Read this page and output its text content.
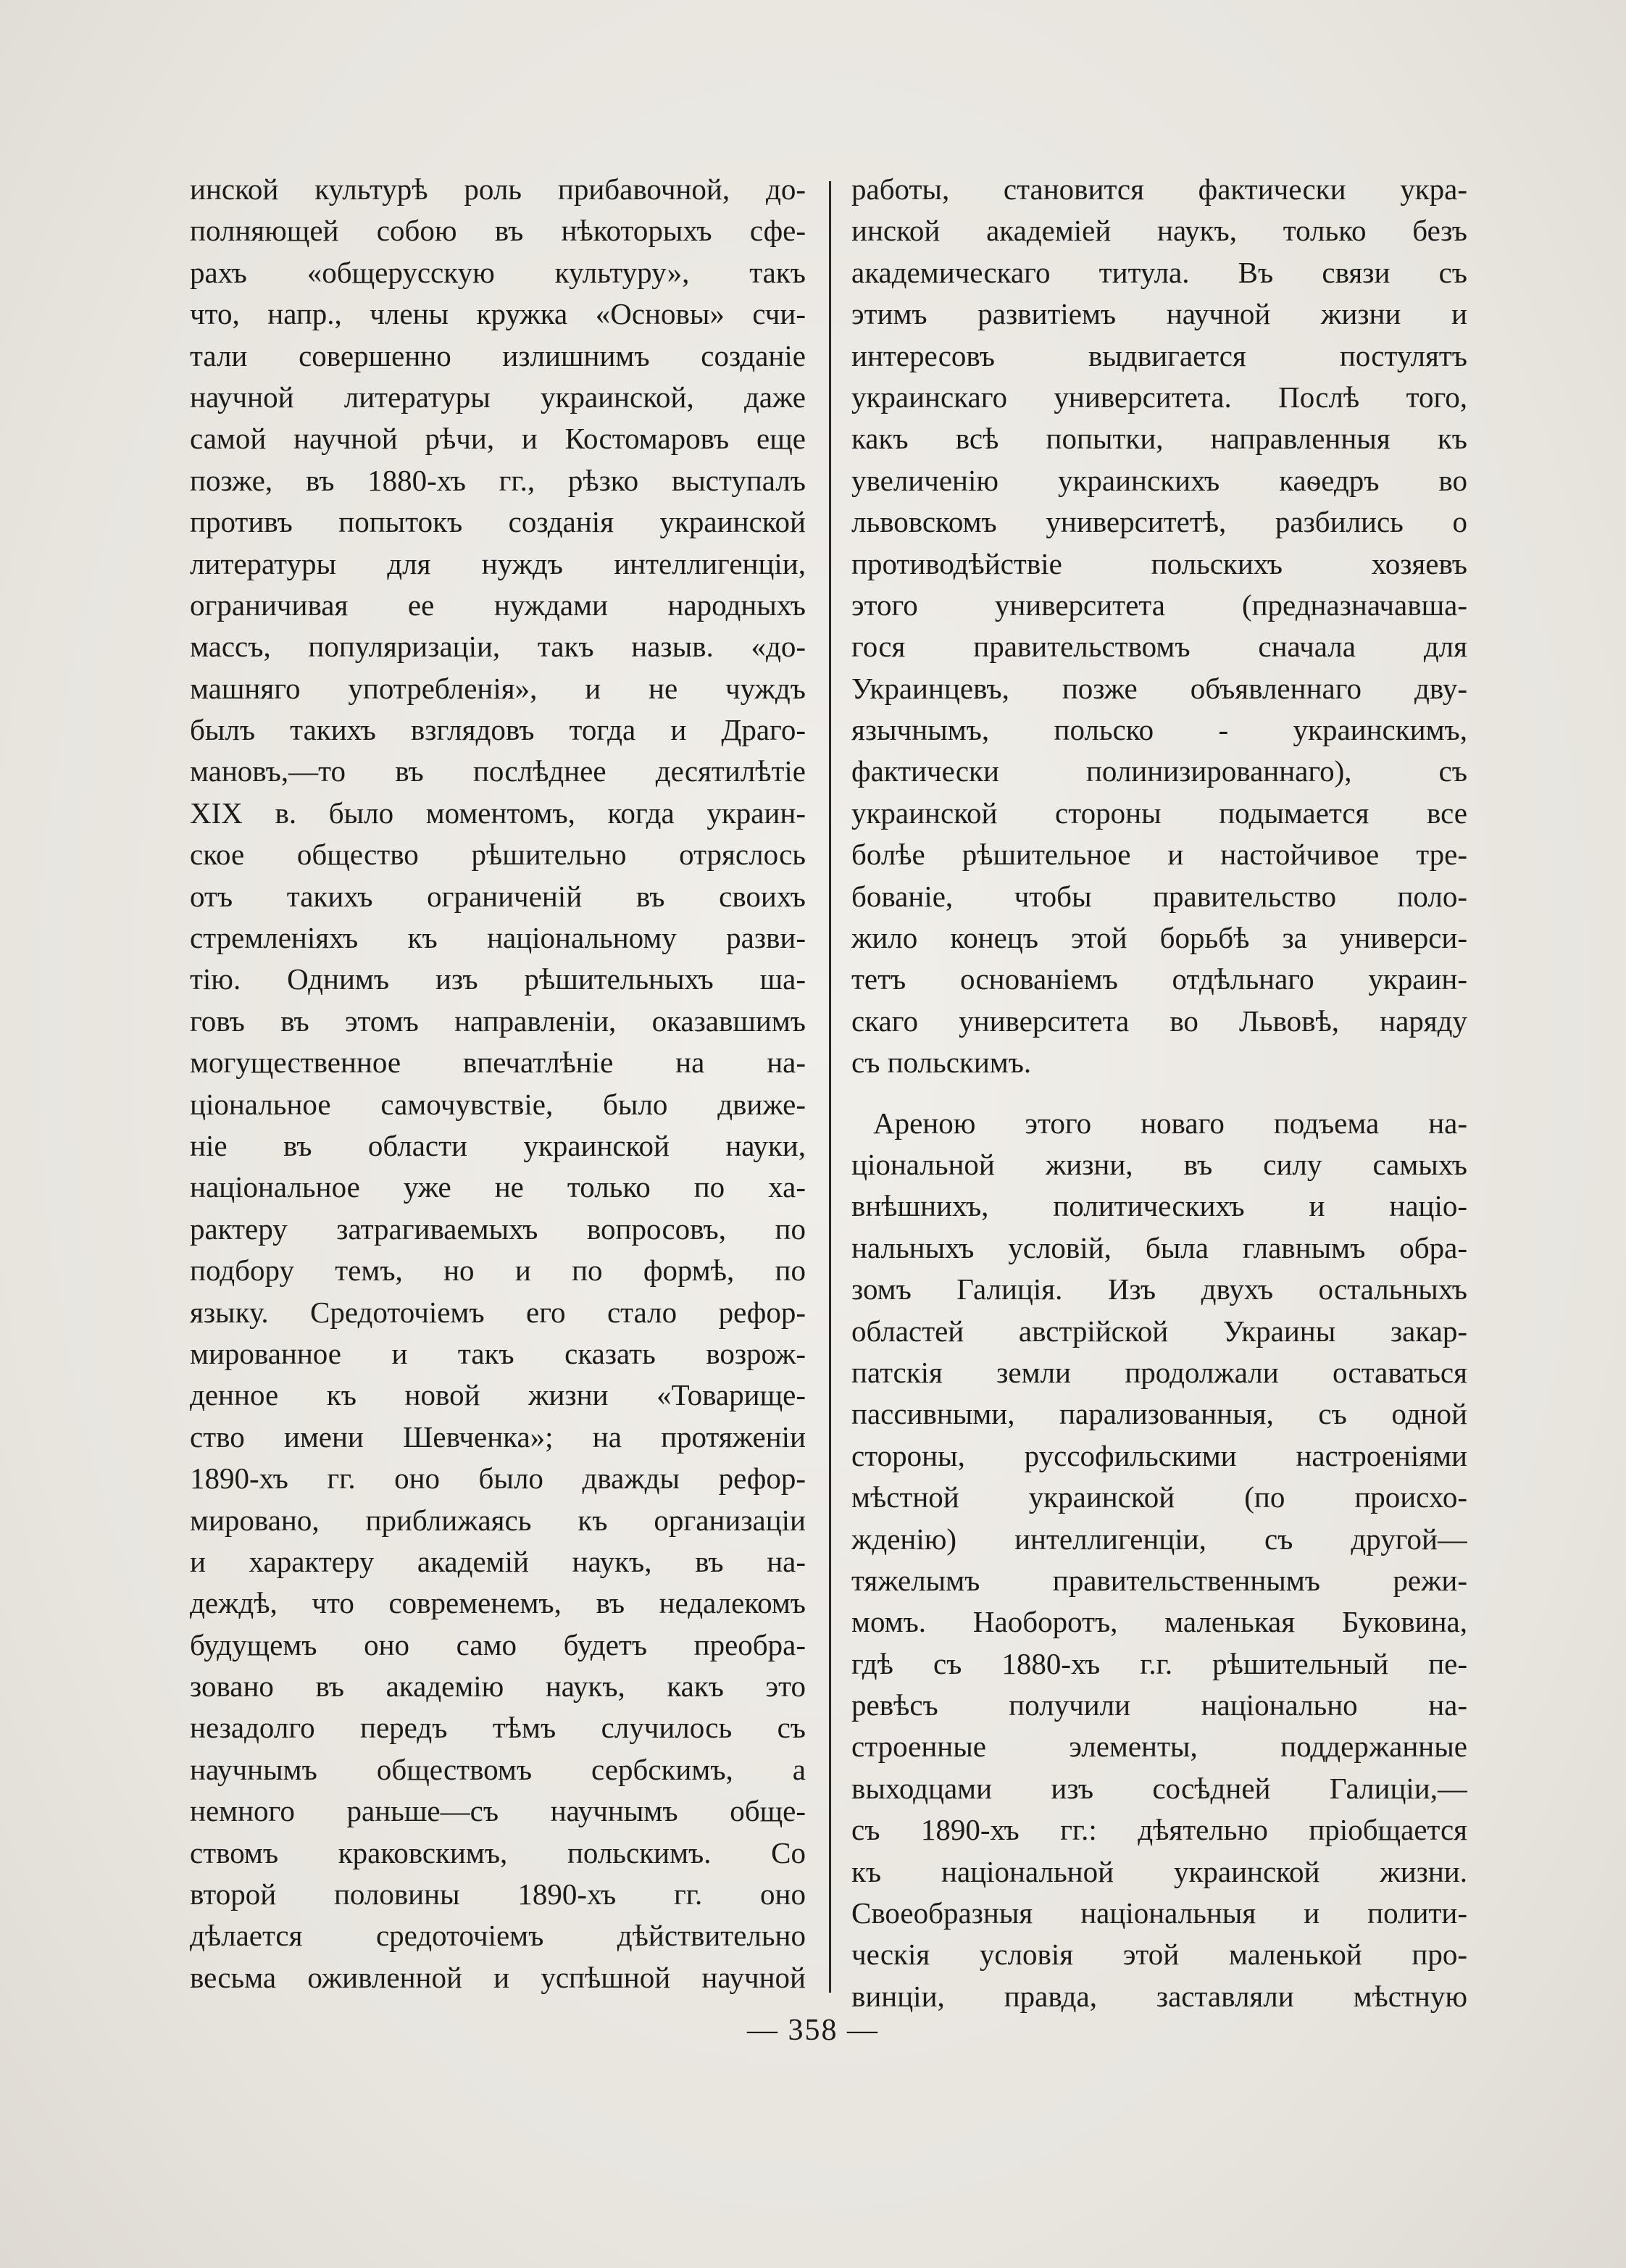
инской культурѣ роль прибавочной, до-
полняющей собою въ нѣкоторыхъ сфе-
рахъ «общерусскую культуру», такъ
что, напр., члены кружка «Основы» счи-
тали совершенно излишнимъ созданіе
научной литературы украинской, даже
самой научной рѣчи, и Костомаровъ еще
позже, въ 1880-хъ гг., рѣзко выступалъ
противъ попытокъ созданія украинской
литературы для нуждъ интеллигенціи,
ограничивая ее нуждами народныхъ
массъ, популяризаціи, такъ назыв. «до-
машняго употребленія», и не чуждъ
былъ такихъ взглядовъ тогда и Драго-
мановъ,—то въ послѣднее десятилѣтіе
XIX в. было моментомъ, когда украин-
ское общество рѣшительно отряслось
отъ такихъ ограниченій въ своихъ
стремленіяхъ къ національному разви-
тію. Однимъ изъ рѣшительныхъ ша-
говъ въ этомъ направленіи, оказавшимъ
могущественное впечатлѣніе на на-
ціональное самочувствіе, было движе-
ніе въ области украинской науки,
національное уже не только по ха-
рактеру затрагиваемыхъ вопросовъ, по
подбору темъ, но и по формѣ, по
языку. Средоточіемъ его стало рефор-
мированное и такъ сказать возрож-
денное къ новой жизни «Товарище-
ство имени Шевченка»; на протяженіи
1890-хъ гг. оно было дважды рефор-
мировано, приближаясь къ организаціи
и характеру академій наукъ, въ на-
деждѣ, что современемъ, въ недалекомъ
будущемъ оно само будетъ преобра-
зовано въ академію наукъ, какъ это
незадолго передъ тѣмъ случилось съ
научнымъ обществомъ сербскимъ, а
немного раньше—съ научнымъ обще-
ствомъ краковскимъ, польскимъ. Со
второй половины 1890-хъ гг. оно
дѣлается средоточіемъ дѣйствительно
весьма оживленной и успѣшной научной
работы, становится фактически укра-
инской академіей наукъ, только безъ
академическаго титула. Въ связи съ
этимъ развитіемъ научной жизни и
интересовъ выдвигается постулятъ
украинскаго университета. Послѣ того,
какъ всѣ попытки, направленныя къ
увеличенію украинскихъ каѳедръ во
львовскомъ университетѣ, разбились о
противодѣйствіе польскихъ хозяевъ
этого университета (предназначавша-
гося правительствомъ сначала для
Украинцевъ, позже объявленнаго дву-
язычнымъ, польско - украинскимъ,
фактически полинизированнаго), съ
украинской стороны подымается все
болѣе рѣшительное и настойчивое тре-
бованіе, чтобы правительство поло-
жило конецъ этой борьбѣ за универси-
тетъ основаніемъ отдѣльнаго украин-
скаго университета во Львовѣ, наряду
съ польскимъ.
Ареною этого новаго подъема на-
ціональной жизни, въ силу самыхъ
внѣшнихъ, политическихъ и націо-
нальныхъ условій, была главнымъ обра-
зомъ Галиція. Изъ двухъ остальныхъ
областей австрійской Украины закар-
патскія земли продолжали оставаться
пассивными, парализованныя, съ одной
стороны, руссофильскими настроеніями
мѣстной украинской (по происхо-
жденію) интеллигенціи, съ другой—
тяжелымъ правительственнымъ режи-
момъ. Наоборотъ, маленькая Буковина,
гдѣ съ 1880-хъ г.г. рѣшительный пе-
ревѣсъ получили національно на-
строенные элементы, поддержанные
выходцами изъ сосѣдней Галиціи,—
съ 1890-хъ гг.: дѣятельно пріобщается
къ національной украинской жизни.
Своеобразныя національныя и полити-
ческія условія этой маленькой про-
винціи, правда, заставляли мѣстную
— 358 —
